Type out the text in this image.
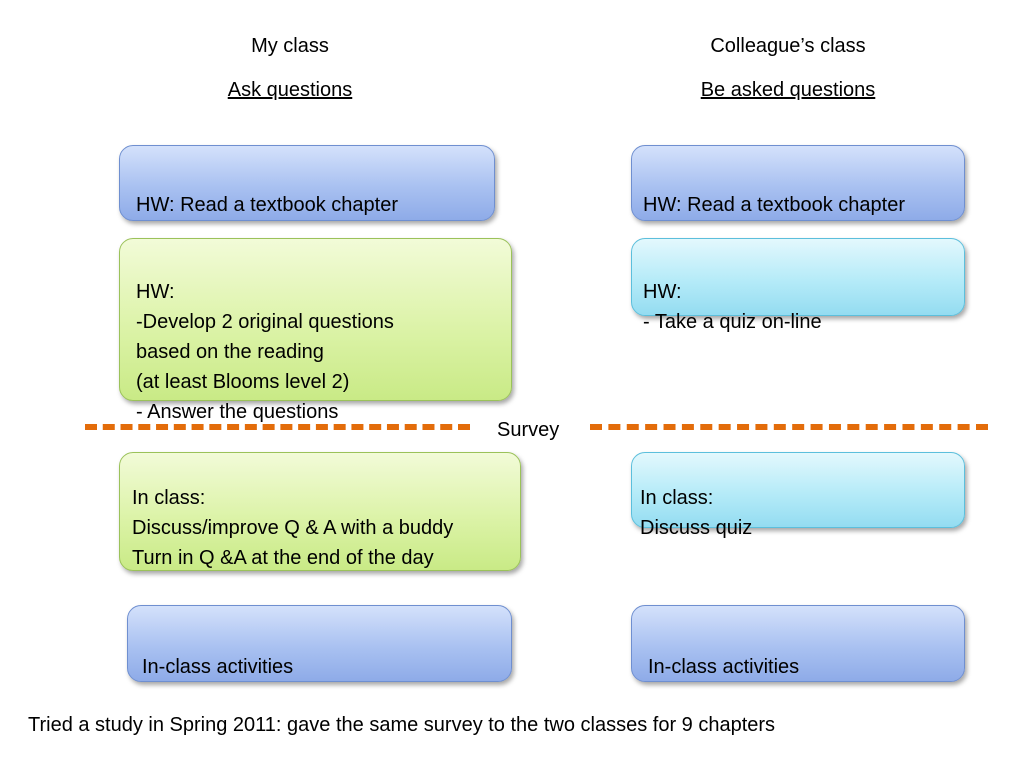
My class
Ask questions
Colleague’s class
Be asked questions

HW: Read a textbook chapter

HW:
-Develop 2 original questions
based on the reading
(at least Blooms level 2)
- Answer the questions

In class:
Discuss/improve Q & A with a buddy
Turn in Q &A at the end of the day

In-class activities

HW: Read a textbook chapter

HW:
- Take a quiz on-line

In class:
Discuss quiz

In-class activities

Survey
Tried a study in Spring 2011: gave the same survey to the two classes for 9 chapters
